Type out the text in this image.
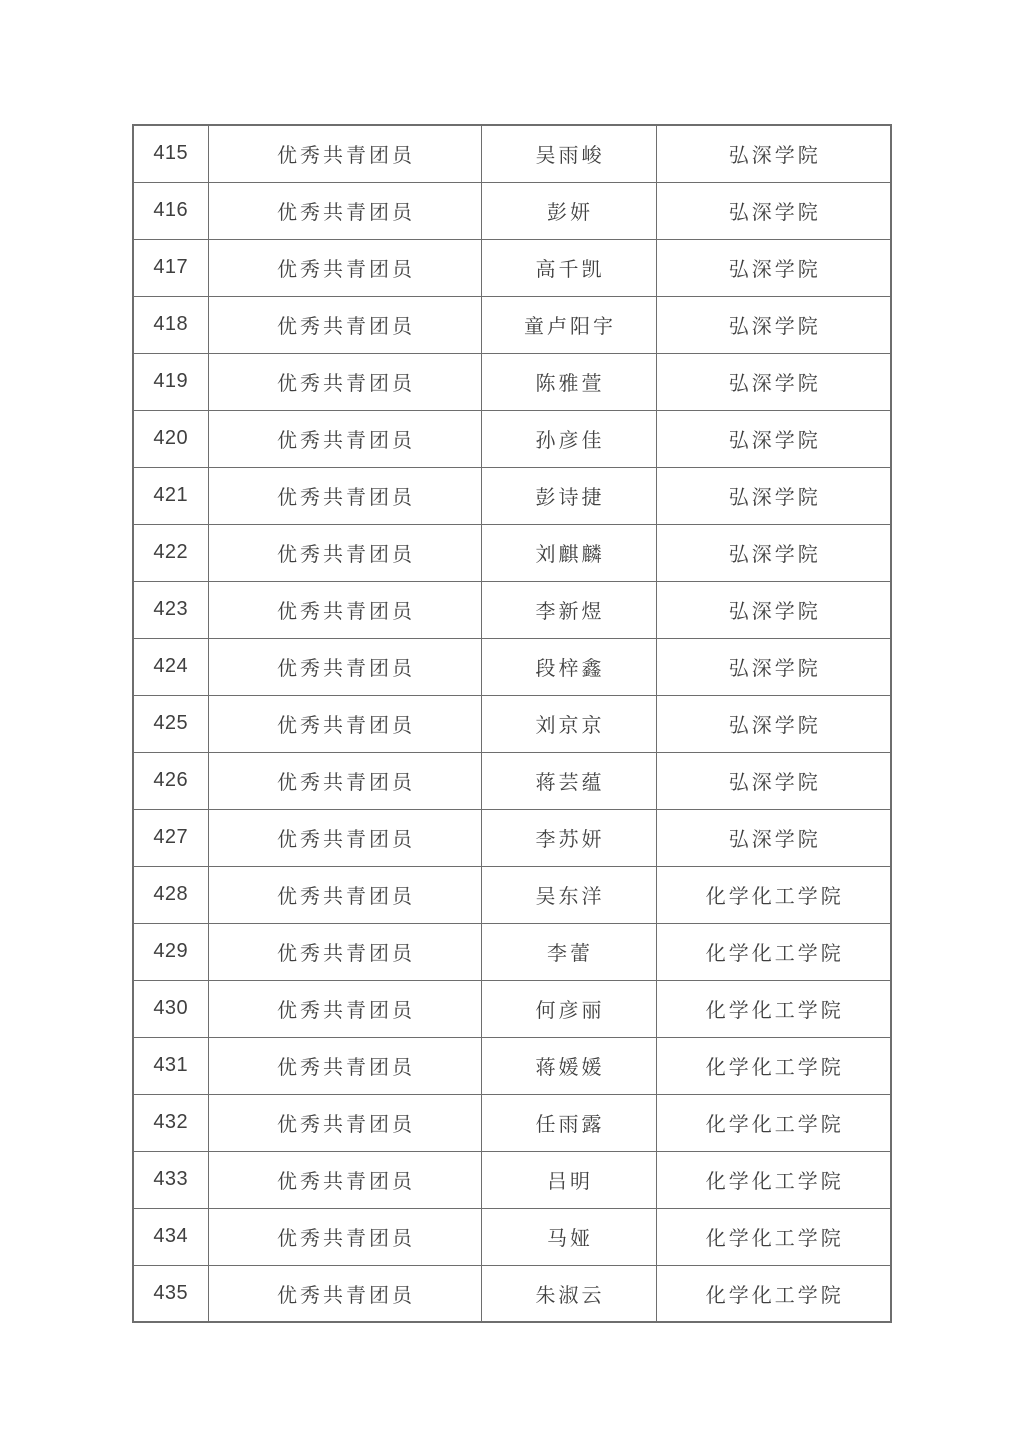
415	优秀共青团员	吴雨峻	弘深学院
416	优秀共青团员	彭妍	弘深学院
417	优秀共青团员	高千凯	弘深学院
418	优秀共青团员	童卢阳宇	弘深学院
419	优秀共青团员	陈雅萱	弘深学院
420	优秀共青团员	孙彦佳	弘深学院
421	优秀共青团员	彭诗捷	弘深学院
422	优秀共青团员	刘麒麟	弘深学院
423	优秀共青团员	李新煜	弘深学院
424	优秀共青团员	段梓鑫	弘深学院
425	优秀共青团员	刘京京	弘深学院
426	优秀共青团员	蒋芸蕴	弘深学院
427	优秀共青团员	李苏妍	弘深学院
428	优秀共青团员	吴东洋	化学化工学院
429	优秀共青团员	李蕾	化学化工学院
430	优秀共青团员	何彦丽	化学化工学院
431	优秀共青团员	蒋媛媛	化学化工学院
432	优秀共青团员	任雨露	化学化工学院
433	优秀共青团员	吕明	化学化工学院
434	优秀共青团员	马娅	化学化工学院
435	优秀共青团员	朱淑云	化学化工学院
